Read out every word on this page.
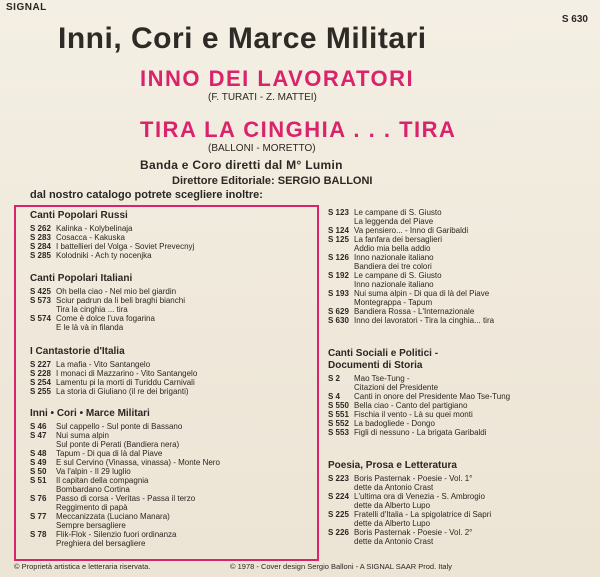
SIGNAL
S 630
Inni, Cori e Marce Militari
INNO DEI LAVORATORI
(F. TURATI - Z. MATTEI)
TIRA LA CINGHIA . . . TIRA
(BALLONI - MORETTO)
Banda e Coro diretti dal M° Lumin
Direttore Editoriale: SERGIO BALLONI
dal nostro catalogo potrete scegliere inoltre:
Canti Popolari Russi
S 262 Kalinka - Kolybelinaja
S 283 Cosacca - Kakuska
S 284 I battellieri del Volga - Soviet Prevecnyj
S 285 Kolodniki - Ach ty nocenjka
Canti Popolari Italiani
S 425 Oh bella ciao - Nel mio bel giardin
S 573 Sciur padrun da li beli braghi bianchi
Tira la cinghia ... tira
S 574 Come è dolce l'uva fogarina
E le là và in filanda
I Cantastorie d'Italia
S 227 La mafia - Vito Santangelo
S 228 I monaci di Mazzarino - Vito Santangelo
S 254 Lamentu pi la morti di Turiddu Carnivali
S 255 La storia di Giuliano (il re dei briganti)
Inni • Cori • Marce Militari
S 46	Sul cappello - Sul ponte di Bassano
S 47	Nui suma alpin
Sul ponte di Perati (Bandiera nera)
S 48	Tapum - Di qua di là dal Piave
S 49	E sul Cervino (Vinassa, vinassa) - Monte Nero
S 50	Va l'alpin - Il 29 luglio
S 51	Il capitan della compagnia
Bombardano Cortina
S 76	Passo di corsa - Veritas - Passa il terzo
Reggimento di papà
S 77	Meccanizzata (Luciano Manara)
Sempre bersagliere
S 78	Flik-Flok - Silenzio fuori ordinanza
Preghiera del bersagliere
S 123 Le campane di S. Giusto
La leggenda del Piave
S 124 Va pensiero... - Inno di Garibaldi
S 125 La fanfara dei bersaglieri
Addio mia bella addio
S 126 Inno nazionale italiano
Bandiera dei tre colori
S 192 Le campane di S. Giusto
Inno nazionale italiano
S 193 Nui suma alpin - Di qua di là del Piave
Montegrappa - Tapum
S 629 Bandiera Rossa - L'Internazionale
S 630 Inno dei lavoratori - Tira la cinghia... tira
Canti Sociali e Politici - Documenti di Storia
S 2	Mao Tse-Tung -
Citazioni del Presidente
S 4	Canti in onore del Presidente Mao Tse-Tung
S 550 Bella ciao - Canto del partigiano
S 551 Fischia il vento - Là su quei monti
S 552 La badogliede - Dongo
S 553 Figli di nessuno - La brigata Garibaldi
Poesia, Prosa e Letteratura
S 223 Boris Pasternak - Poesie - Vol. 1°
dette da Antonio Crast
S 224 L'ultima ora di Venezia - S. Ambrogio
dette da Alberto Lupo
S 225 Fratelli d'Italia - La spigolatrice di Sapri
dette da Alberto Lupo
S 226 Boris Pasternak - Poesie - Vol. 2°
dette da Antonio Crast
© Proprietà artistica e letteraria riservata.	© 1978 - Cover design Sergio Balloni - A SIGNAL SAAR Prod. Italy
